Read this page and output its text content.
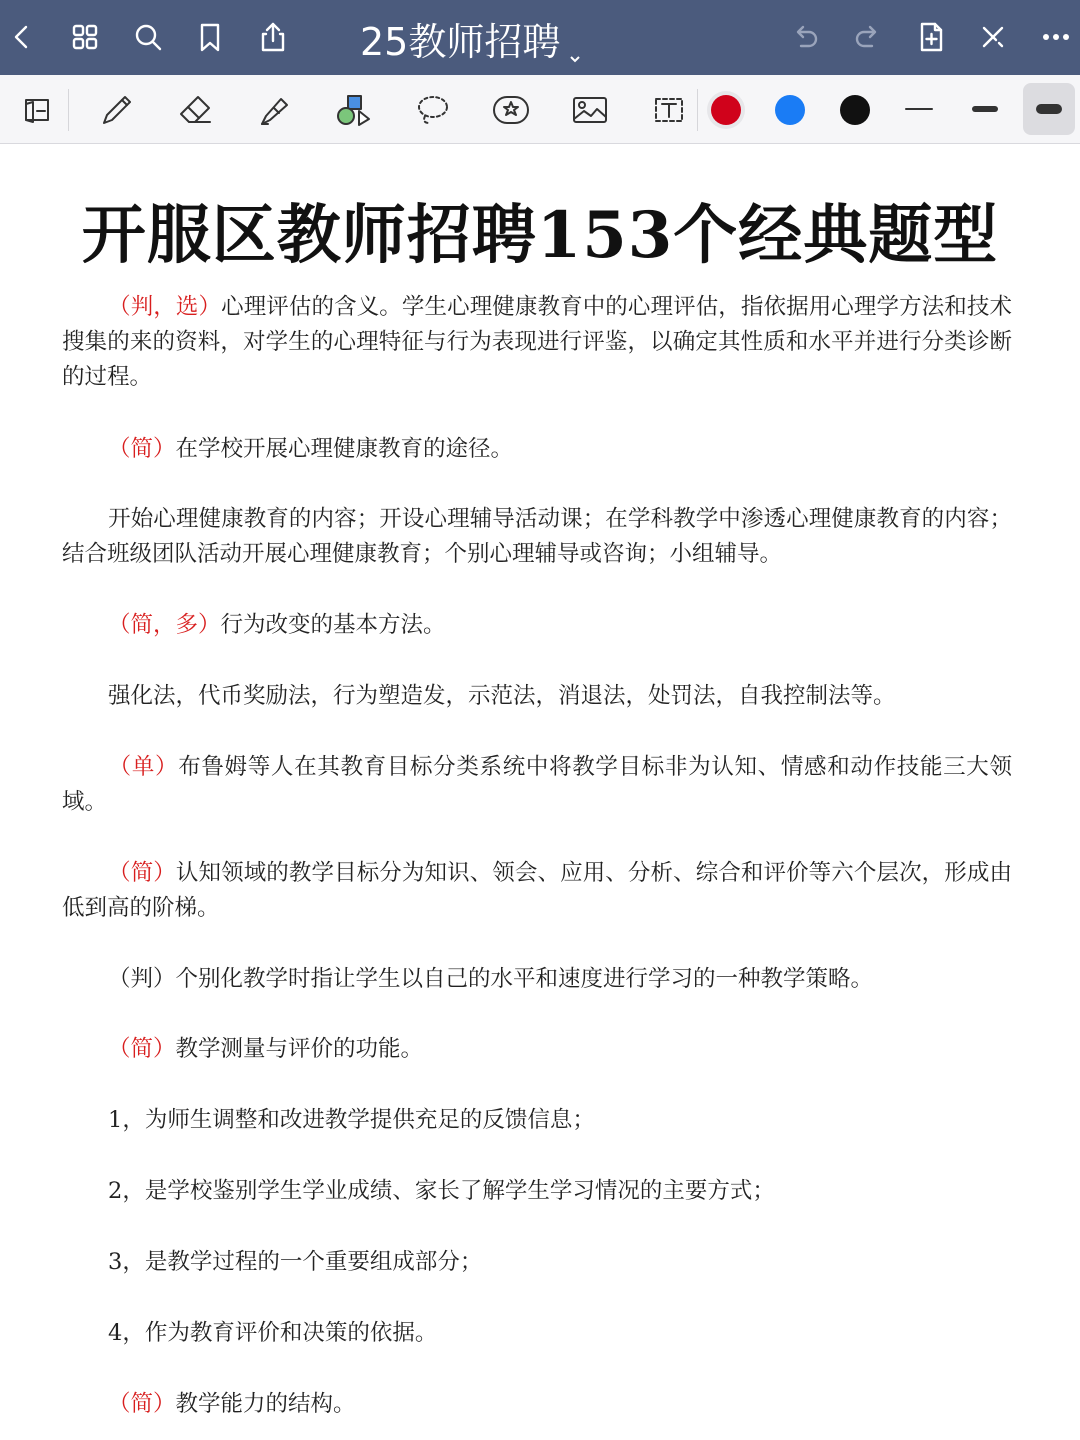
25教师招聘
开服区教师招聘153个经典题型
（判，选）心理评估的含义。学生心理健康教育中的心理评估，指依据用心理学方法和技术搜集的来的资料，对学生的心理特征与行为表现进行评鉴，以确定其性质和水平并进行分类诊断的过程。
（简）在学校开展心理健康教育的途径。
开始心理健康教育的内容；开设心理辅导活动课；在学科教学中渗透心理健康教育的内容；结合班级团队活动开展心理健康教育；个别心理辅导或咨询；小组辅导。
（简，多）行为改变的基本方法。
强化法，代币奖励法，行为塑造发，示范法，消退法，处罚法，自我控制法等。
（单）布鲁姆等人在其教育目标分类系统中将教学目标非为认知、情感和动作技能三大领域。
（简）认知领域的教学目标分为知识、领会、应用、分析、综合和评价等六个层次，形成由低到高的阶梯。
（判）个别化教学时指让学生以自己的水平和速度进行学习的一种教学策略。
（简）教学测量与评价的功能。
1，为师生调整和改进教学提供充足的反馈信息；
2，是学校鉴别学生学业成绩、家长了解学生学习情况的主要方式；
3，是教学过程的一个重要组成部分；
4，作为教育评价和决策的依据。
（简）教学能力的结构。
